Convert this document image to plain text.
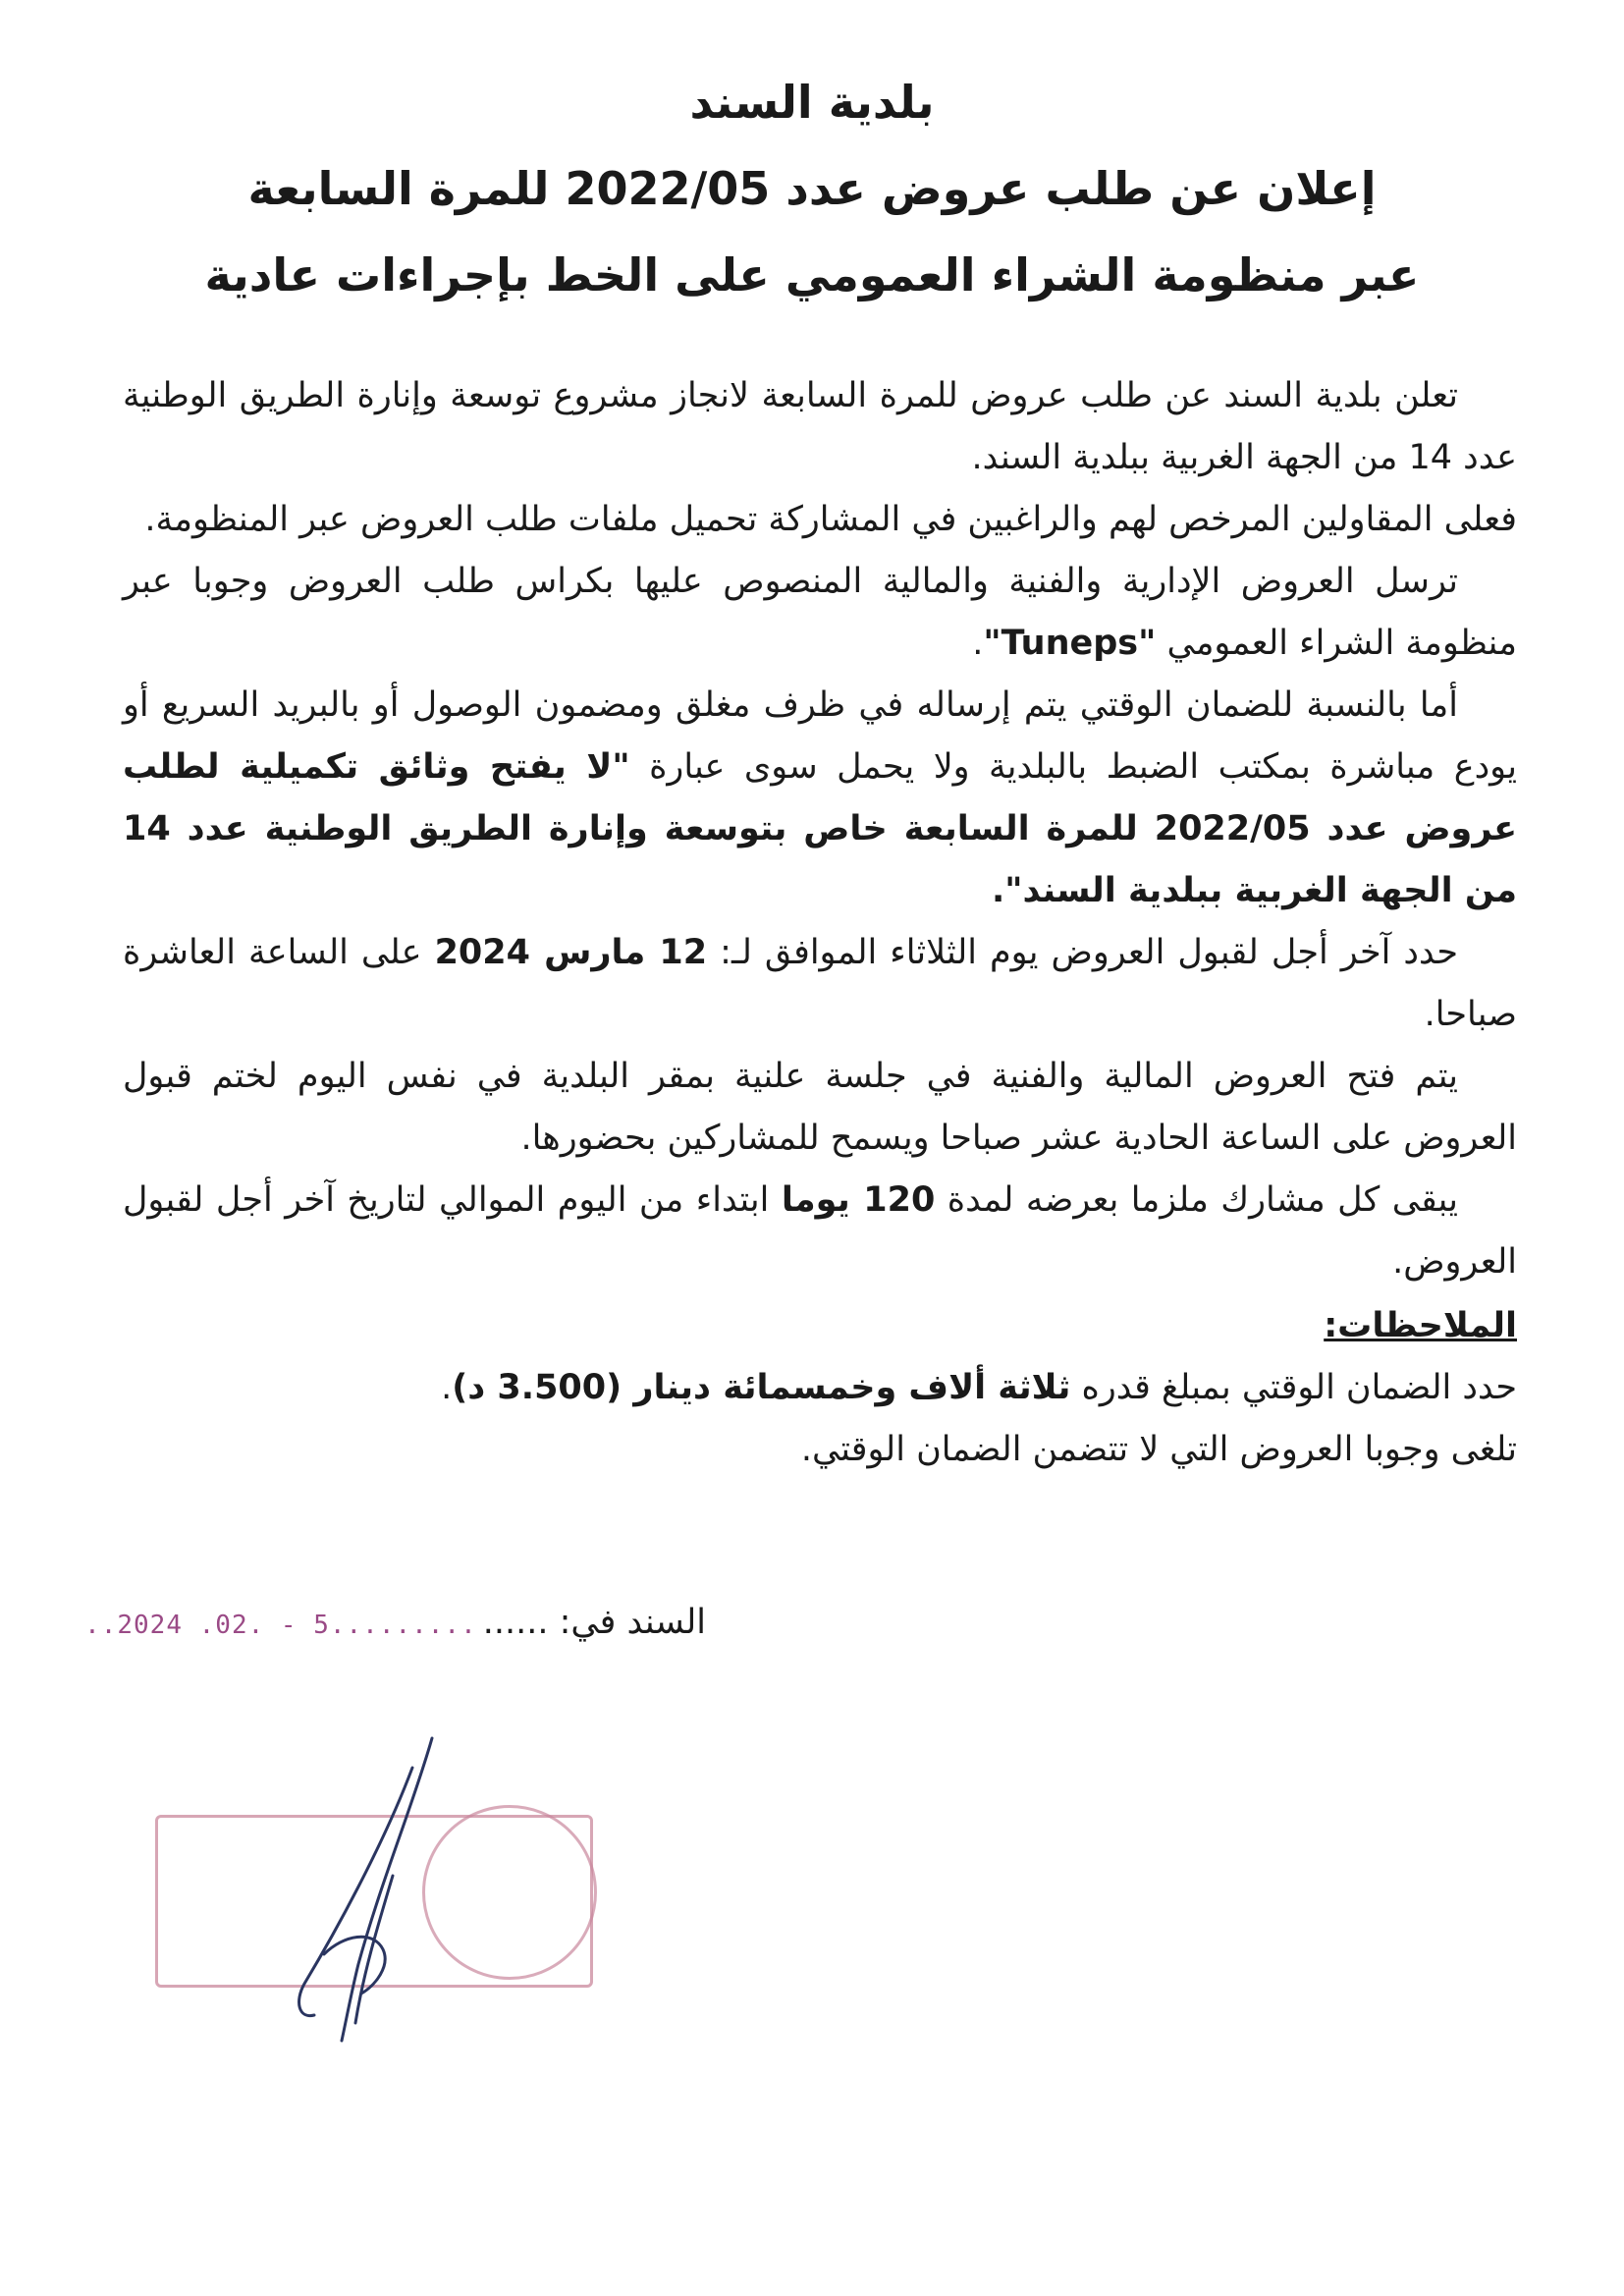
بلدية السند
إعلان عن طلب عروض عدد 2022/05 للمرة السابعة
عبر منظومة الشراء العمومي على الخط بإجراءات عادية

تعلن بلدية السند عن طلب عروض للمرة السابعة لانجاز مشروع توسعة وإنارة الطريق الوطنية عدد 14 من الجهة الغربية ببلدية السند.

فعلى المقاولين المرخص لهم والراغبين في المشاركة تحميل ملفات طلب العروض عبر المنظومة.

ترسل العروض الإدارية والفنية والمالية المنصوص عليها بكراس طلب العروض وجوبا عبر منظومة الشراء العمومي "Tuneps".

أما بالنسبة للضمان الوقتي يتم إرساله في ظرف مغلق ومضمون الوصول أو بالبريد السريع أو يودع مباشرة بمكتب الضبط بالبلدية ولا يحمل سوى عبارة "لا يفتح وثائق تكميلية لطلب عروض عدد 2022/05 للمرة السابعة خاص بتوسعة وإنارة الطريق الوطنية عدد 14 من الجهة الغربية ببلدية السند".

حدد آخر أجل لقبول العروض يوم الثلاثاء الموافق لـ: 12 مارس 2024 على الساعة العاشرة صباحا.

يتم فتح العروض المالية والفنية في جلسة علنية بمقر البلدية في نفس اليوم لختم قبول العروض على الساعة الحادية عشر صباحا ويسمح للمشاركين بحضورها.

يبقى كل مشارك ملزما بعرضه لمدة 120 يوما ابتداء من اليوم الموالي لتاريخ آخر أجل لقبول العروض.

الملاحظات:

حدد الضمان الوقتي بمبلغ قدره ثلاثة ألاف وخمسمائة دينار (3.500 د).

تلغى وجوبا العروض التي لا تتضمن الضمان الوقتي.

السند في: ........2024 .02. - 5.........
